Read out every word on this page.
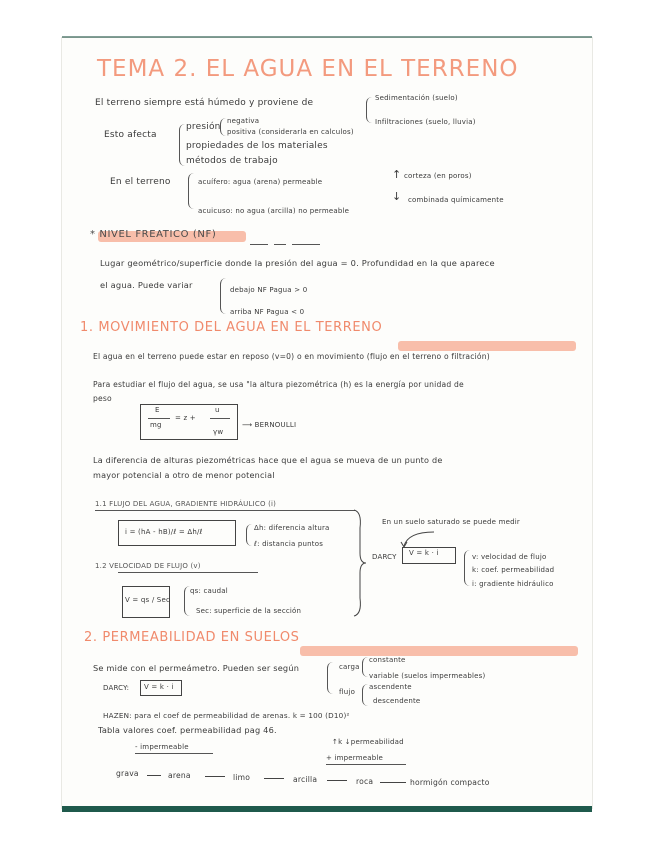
TEMA 2. EL AGUA EN EL TERRENO
El terreno siempre está húmedo y proviene de	Sedimentación (suelo)
Infiltraciones (suelo, lluvia)
Esto afecta
presión
negativa
positiva (considerarla en calculos)
propiedades de los materiales
métodos de trabajo
En el terreno	acuífero: agua (arena) permeable
acuicuso: no agua (arcilla) no permeable
↑ corteza (en poros)
↓ combinada químicamente
* NIVEL FREATICO (NF)
Lugar geométrico/superficie donde la presión del agua = 0. Profundidad en la que aparece
el agua. Puede variar	debajo NF Pagua > 0
arriba NF Pagua < 0
1. MOVIMIENTO DEL AGUA EN EL TERRENO
El agua en el terreno puede estar en reposo (v=0) o en movimiento (flujo en el terreno o filtración)
Para estudiar el flujo del agua, se usa "la altura piezométrica (h) es la energía por unidad de
peso
E
mg
= z +
u
γw
⟶ BERNOULLI
La diferencia de alturas piezométricas hace que el agua se mueva de un punto de
mayor potencial a otro de menor potencial
1.1 FLUJO DEL AGUA, GRADIENTE HIDRÁULICO (i)
i = (hA - hB)/ℓ = Δh/ℓ	Δh: diferencia altura
ℓ: distancia puntos
1.2 VELOCIDAD DE FLUJO (v)
V = qs / Sec
qs: caudal
Sec: superficie de la sección
En un suelo saturado se puede medir
DARCY V = k · i	v: velocidad de flujo
k: coef. permeabilidad
i: gradiente hidráulico
2. PERMEABILIDAD EN SUELOS
Se mide con el permeámetro. Pueden ser según	carga
constante
variable (suelos impermeables)
flujo
ascendente
descendente
DARCY: V = k · i
HAZEN: para el coef de permeabilidad de arenas. k = 100 (D10)²
Tabla valores coef. permeabilidad pag 46.
- impermeable
↑k ↓permeabilidad
+ impermeable
grava	arena	limo	arcilla	roca	hormigón compacto
